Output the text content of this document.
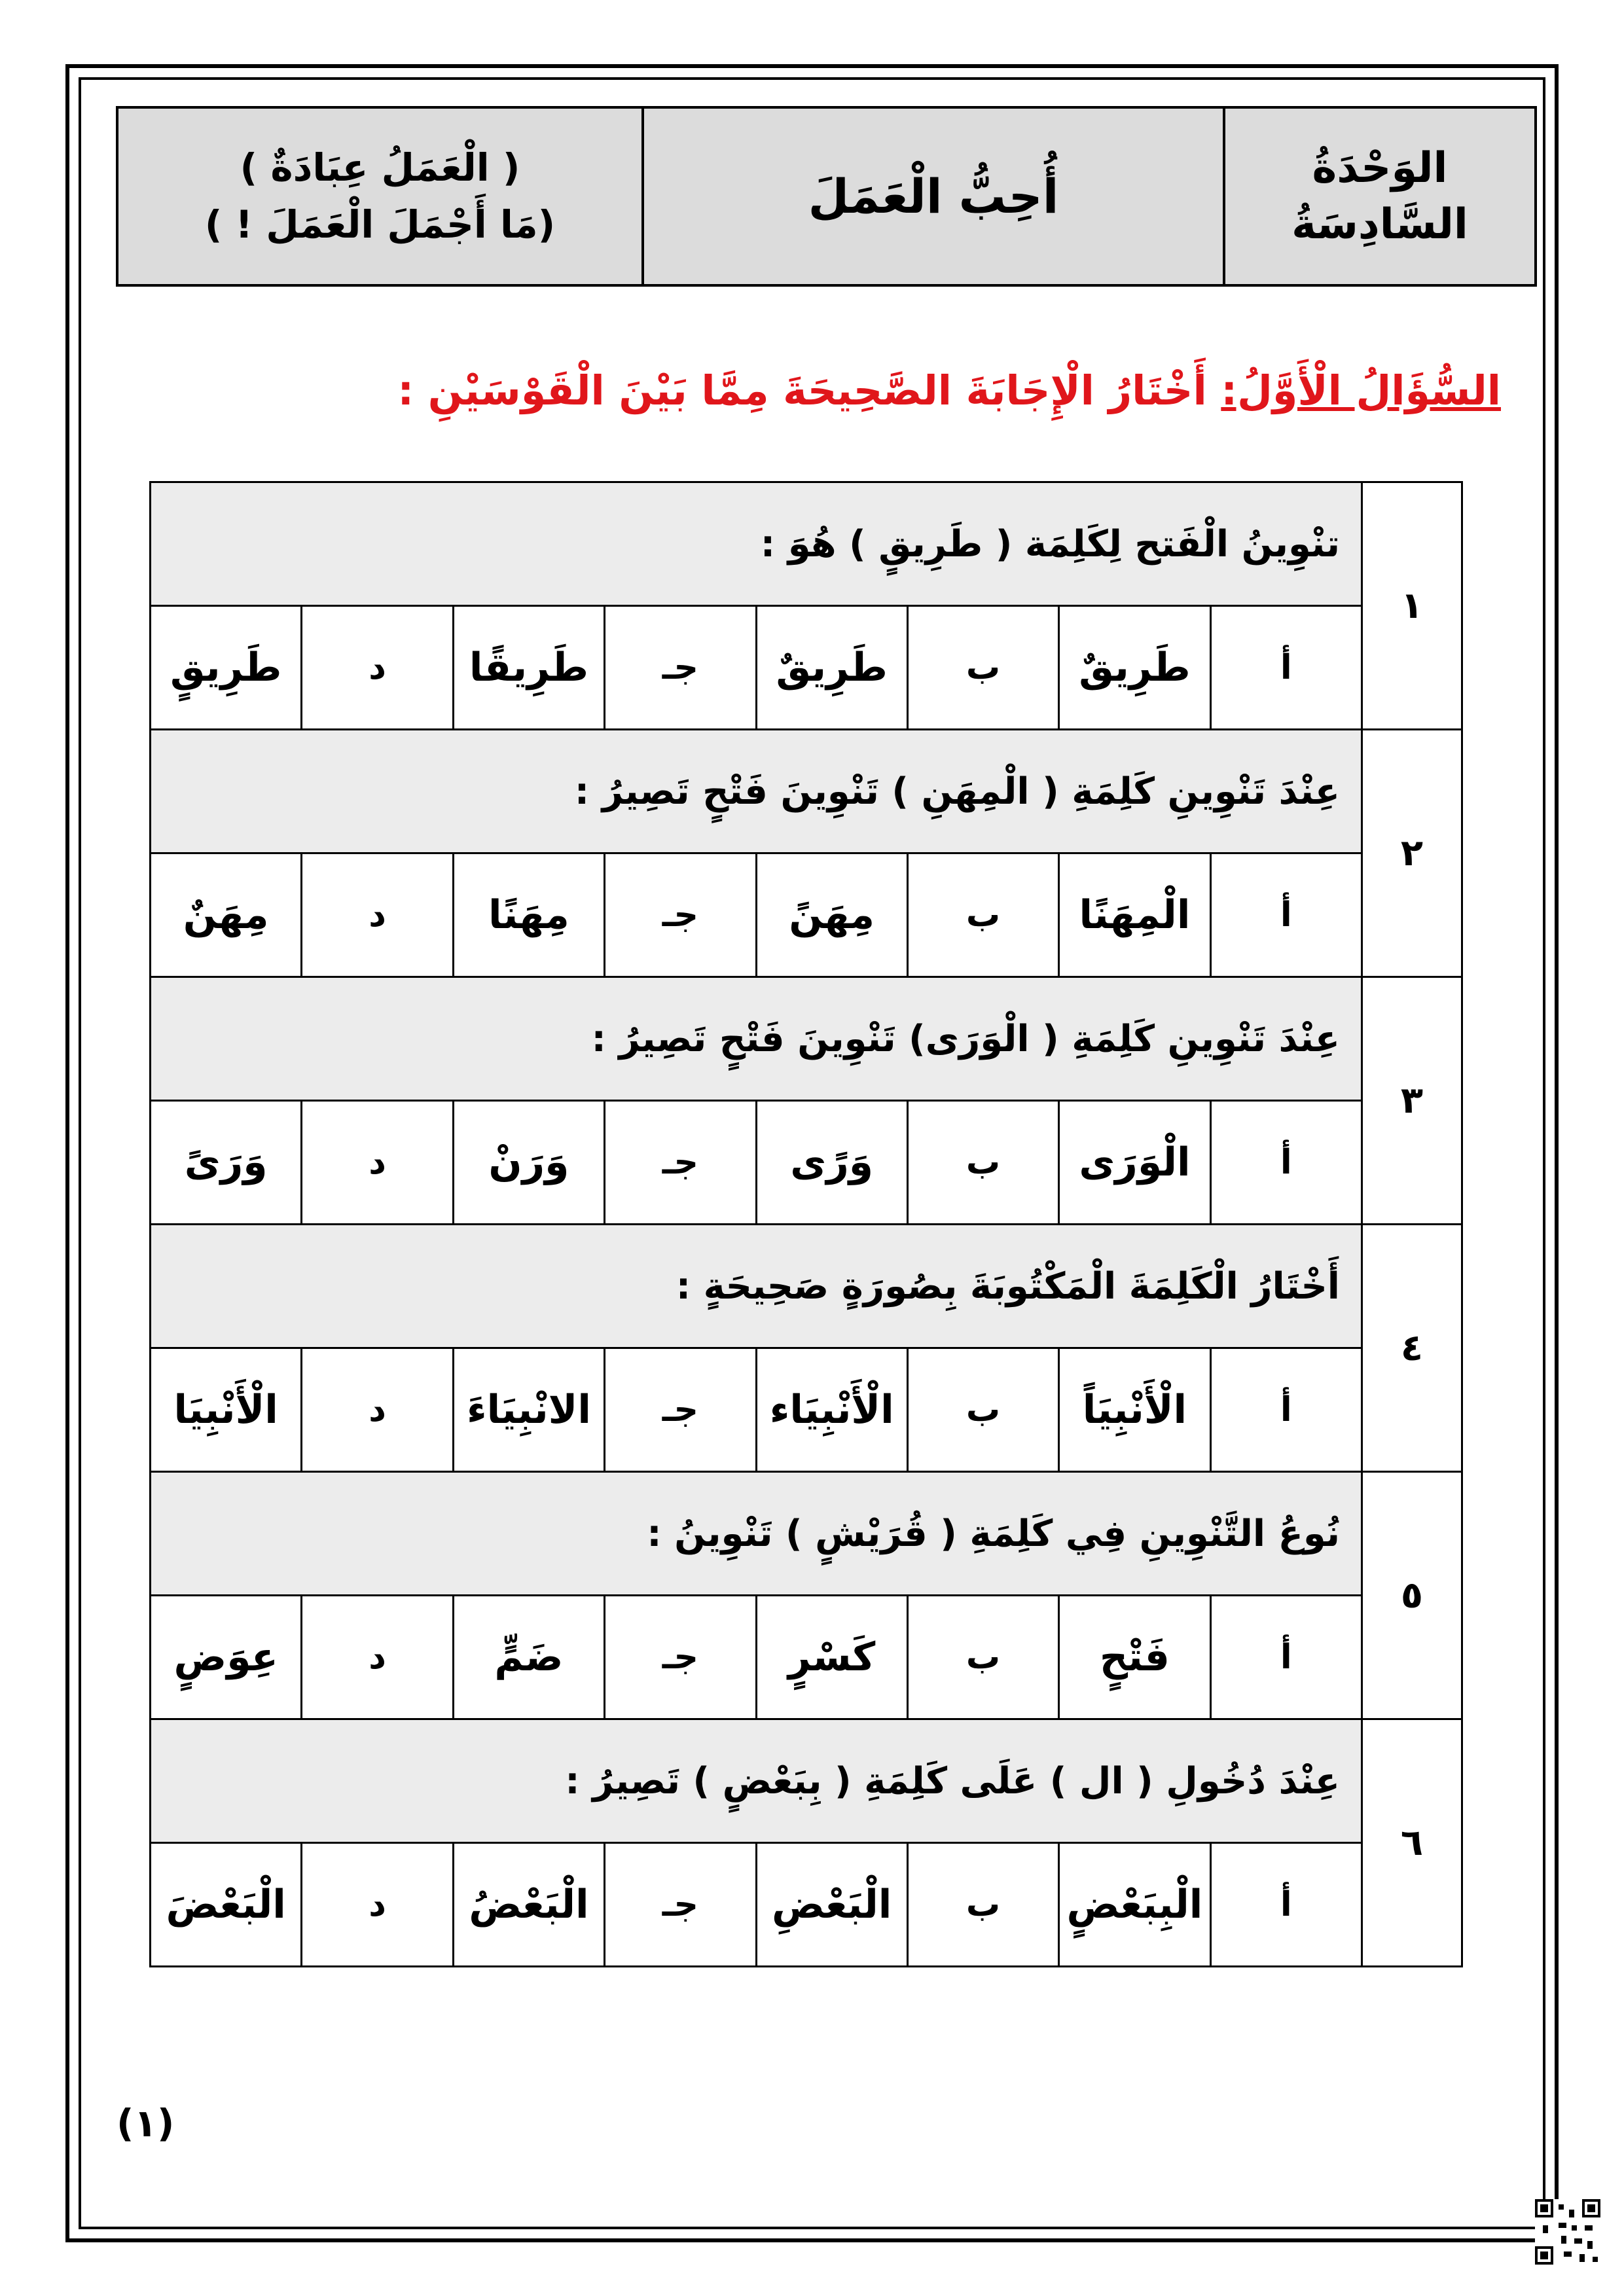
الوَحْدَةُ
السَّادِسَةُ
أُحِبُّ الْعَمَلَ
( الْعَمَلُ عِبَادَةٌ )
(مَا أَجْمَلَ الْعَمَلَ ! )
السُّؤَالُ الْأَوَّلُ: أَخْتَارُ الْإِجَابَةَ الصَّحِيحَةَ مِمَّا بَيْنَ الْقَوْسَيْنِ :
١	تنْوِينُ الْفَتح لِكَلِمَة ( طَرِيقٍ ) هُوَ :							
	أ	طَرِيقٌ	ب	طَرِيقٌ	جـ	طَرِيقًا	د	طَرِيقٍ
٢	عِنْدَ تَنْوِينِ كَلِمَةِ ( الْمِهَنِ ) تَنْوِينَ فَتْحٍ تَصِيرُ :							
	أ	الْمِهَنًا	ب	مِهَنً	جـ	مِهَنًا	د	مِهَنٌ
٣	عِنْدَ تَنْوِينِ كَلِمَةِ ( الْوَرَى) تَنْوِينَ فَتْحٍ تَصِيرُ :							
	أ	الْوَرَى	ب	وَرًى	جـ	وَرَنْ	د	وَرَىً
٤	أَخْتَارُ الْكَلِمَةَ الْمَكْتُوبَةَ بِصُورَةٍ صَحِيحَةٍ :							
	أ	الْأَنْبِيَاً	ب	الْأَنْبِيَاء	جـ	الانْبِيَاءَ	د	الْأَنْبِيَا
٥	نُوعُ التَّنْوِينِ فِي كَلِمَةِ ( قُرَيْشٍ ) تَنْوِينُ :							
	أ	فَتْحٍ	ب	كَسْرٍ	جـ	ضَمٍّ	د	عِوَضٍ
٦	عِنْدَ دُخُولِ ( ال ) عَلَى كَلِمَةِ ( بِبَعْضٍ ) تَصِيرُ :							
	أ	الْبِبَعْضٍ	ب	الْبَعْضِ	جـ	الْبَعْضُ	د	الْبَعْضَ
(١)
